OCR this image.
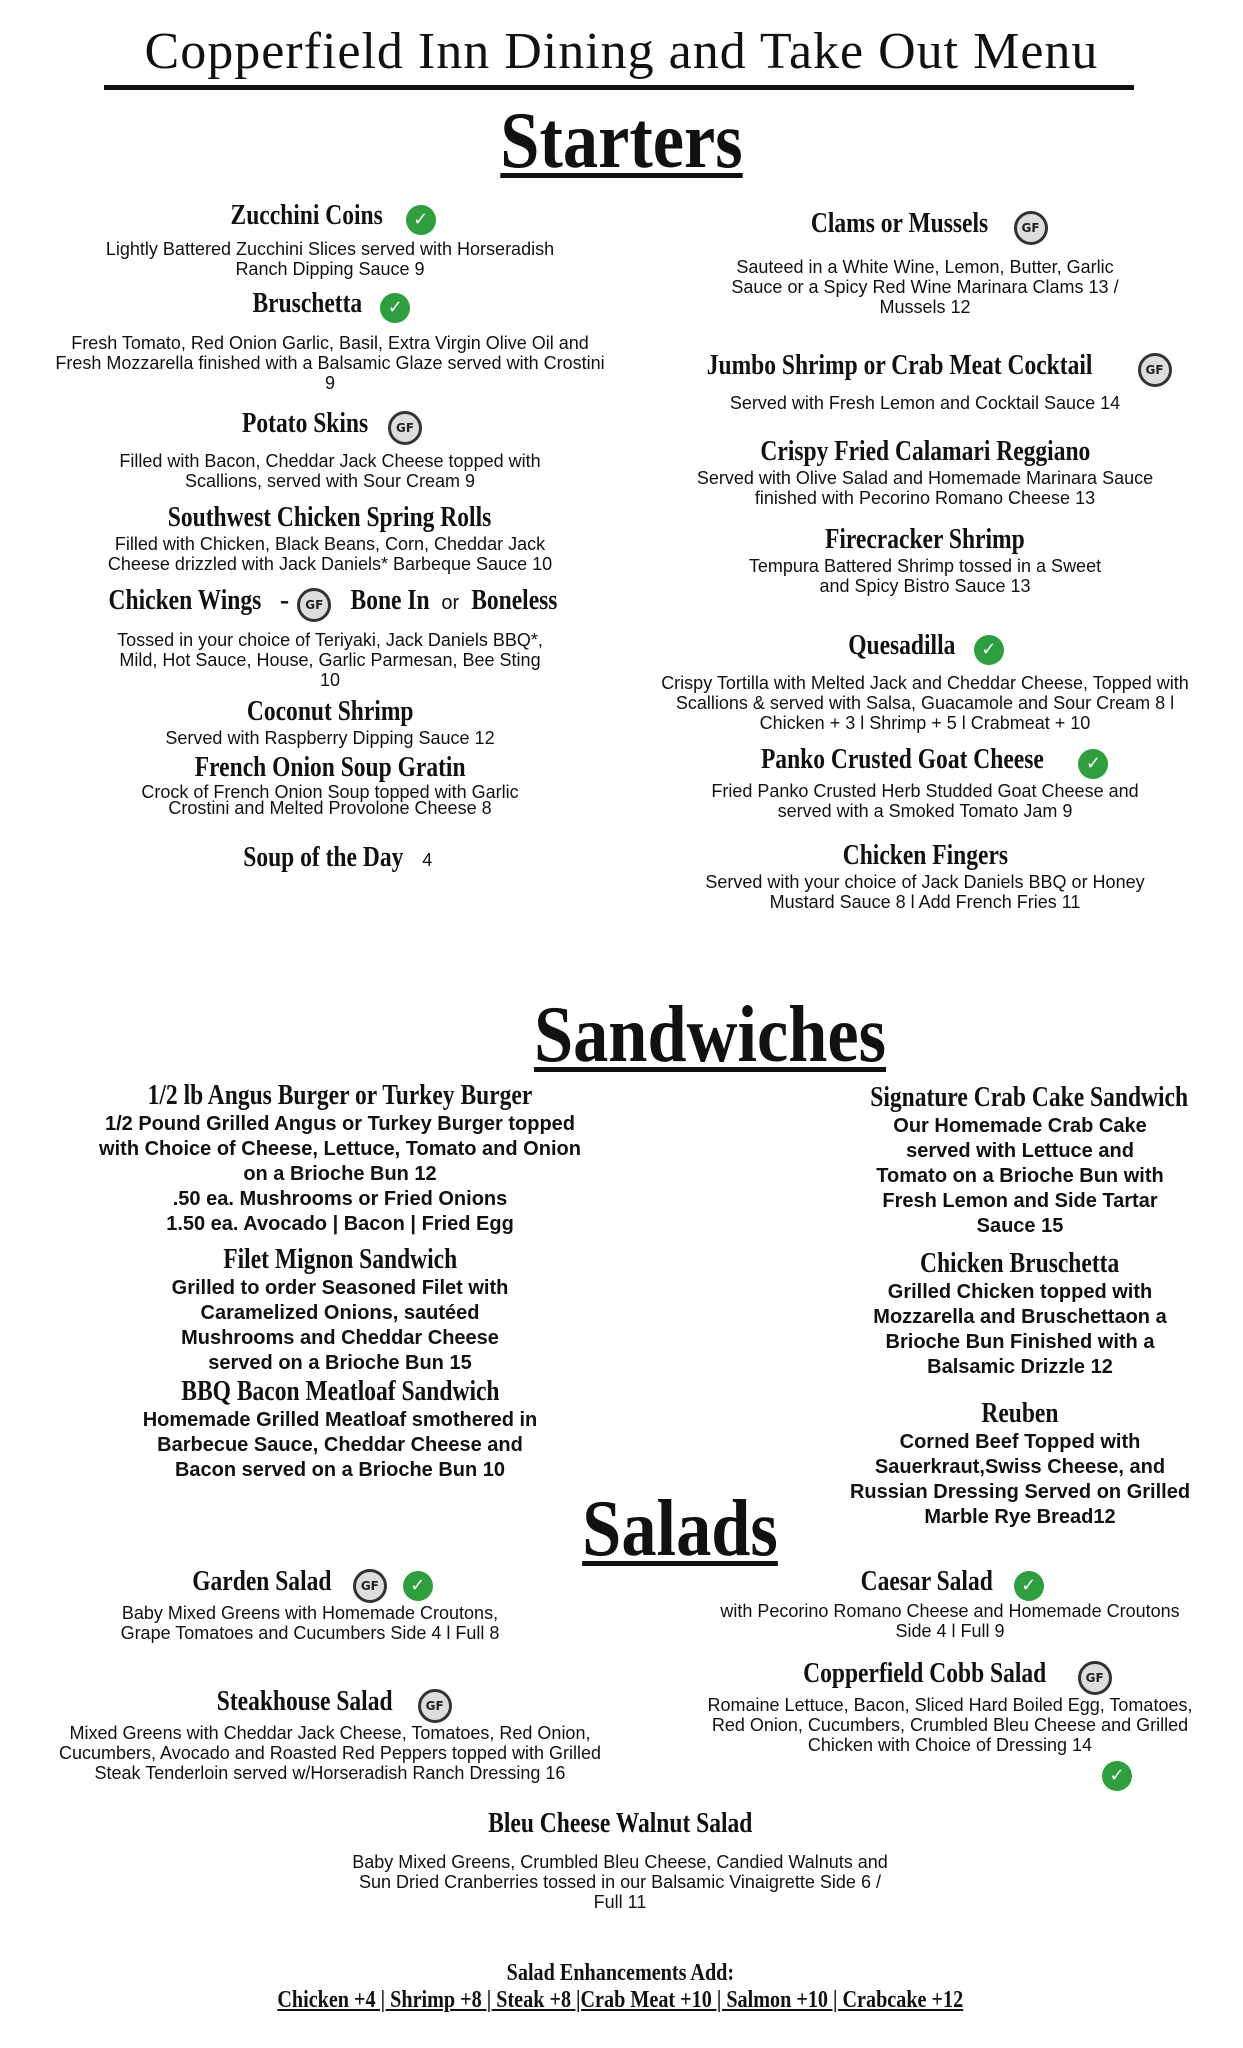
Copperfield Inn Dining and Take Out Menu
Starters
Zucchini Coins ✓
Lightly Battered Zucchini Slices served with Horseradish Ranch Dipping Sauce 9
Bruschetta ✓
Fresh Tomato, Red Onion Garlic, Basil, Extra Virgin Olive Oil and Fresh Mozzarella finished with a Balsamic Glaze served with Crostini 9
Potato Skins GF
Filled with Bacon, Cheddar Jack Cheese topped with Scallions, served with Sour Cream 9
Southwest Chicken Spring Rolls
Filled with Chicken, Black Beans, Corn, Cheddar Jack Cheese drizzled with Jack Daniels* Barbeque Sauce 10
Chicken Wings - GF Bone In or Boneless
Tossed in your choice of Teriyaki, Jack Daniels BBQ*, Mild, Hot Sauce, House, Garlic Parmesan, Bee Sting 10
Coconut Shrimp
Served with Raspberry Dipping Sauce 12
French Onion Soup Gratin
Crock of French Onion Soup topped with Garlic Crostini and Melted Provolone Cheese 8
Soup of the Day 4
Clams or Mussels	GF
Sauteed in a White Wine, Lemon, Butter, Garlic Sauce or a Spicy Red Wine Marinara Clams 13 / Mussels 12
Jumbo Shrimp or Crab Meat Cocktail	GF
Served with Fresh Lemon and Cocktail Sauce 14
Crispy Fried Calamari Reggiano
Served with Olive Salad and Homemade Marinara Sauce finished with Pecorino Romano Cheese 13
Firecracker Shrimp
Tempura Battered Shrimp tossed in a Sweet and Spicy Bistro Sauce 13
Quesadilla ✓
Crispy Tortilla with Melted Jack and Cheddar Cheese, Topped with Scallions & served with Salsa, Guacamole and Sour Cream 8 l Chicken + 3 l Shrimp + 5 l Crabmeat + 10
Panko Crusted Goat Cheese ✓
Fried Panko Crusted Herb Studded Goat Cheese and served with a Smoked Tomato Jam 9
Chicken Fingers
Served with your choice of Jack Daniels BBQ or Honey Mustard Sauce 8 l Add French Fries 11
Sandwiches
1/2 lb Angus Burger or Turkey Burger
1/2 Pound Grilled Angus or Turkey Burger topped with Choice of Cheese, Lettuce, Tomato and Onion on a Brioche Bun 12
.50 ea. Mushrooms or Fried Onions
1.50 ea. Avocado | Bacon | Fried Egg
Filet Mignon Sandwich
Grilled to order Seasoned Filet with Caramelized Onions, sautéed Mushrooms and Cheddar Cheese served on a Brioche Bun 15
BBQ Bacon Meatloaf Sandwich
Homemade Grilled Meatloaf smothered in Barbecue Sauce, Cheddar Cheese and Bacon served on a Brioche Bun 10
Signature Crab Cake Sandwich
Our Homemade Crab Cake served with Lettuce and Tomato on a Brioche Bun with Fresh Lemon and Side Tartar Sauce 15
Chicken Bruschetta
Grilled Chicken topped with Mozzarella and Bruschettaon a Brioche Bun Finished with a Balsamic Drizzle 12
Reuben
Corned Beef Topped with Sauerkraut,Swiss Cheese, and Russian Dressing Served on Grilled Marble Rye Bread12
Salads
Garden Salad GF ✓
Baby Mixed Greens with Homemade Croutons, Grape Tomatoes and Cucumbers Side 4 l Full 8
Caesar Salad ✓
with Pecorino Romano Cheese and Homemade Croutons Side 4 l Full 9
Steakhouse Salad	GF
Mixed Greens with Cheddar Jack Cheese, Tomatoes, Red Onion, Cucumbers, Avocado and Roasted Red Peppers topped with Grilled Steak Tenderloin served w/Horseradish Ranch Dressing 16
Copperfield Cobb Salad	GF
Romaine Lettuce, Bacon, Sliced Hard Boiled Egg, Tomatoes, Red Onion, Cucumbers, Crumbled Bleu Cheese and Grilled Chicken with Choice of Dressing 14
✓
Bleu Cheese Walnut Salad
Baby Mixed Greens, Crumbled Bleu Cheese, Candied Walnuts and Sun Dried Cranberries tossed in our Balsamic Vinaigrette Side 6 / Full 11
Salad Enhancements Add:
Chicken +4 | Shrimp +8 | Steak +8 |Crab Meat +10 | Salmon +10 | Crabcake +12
